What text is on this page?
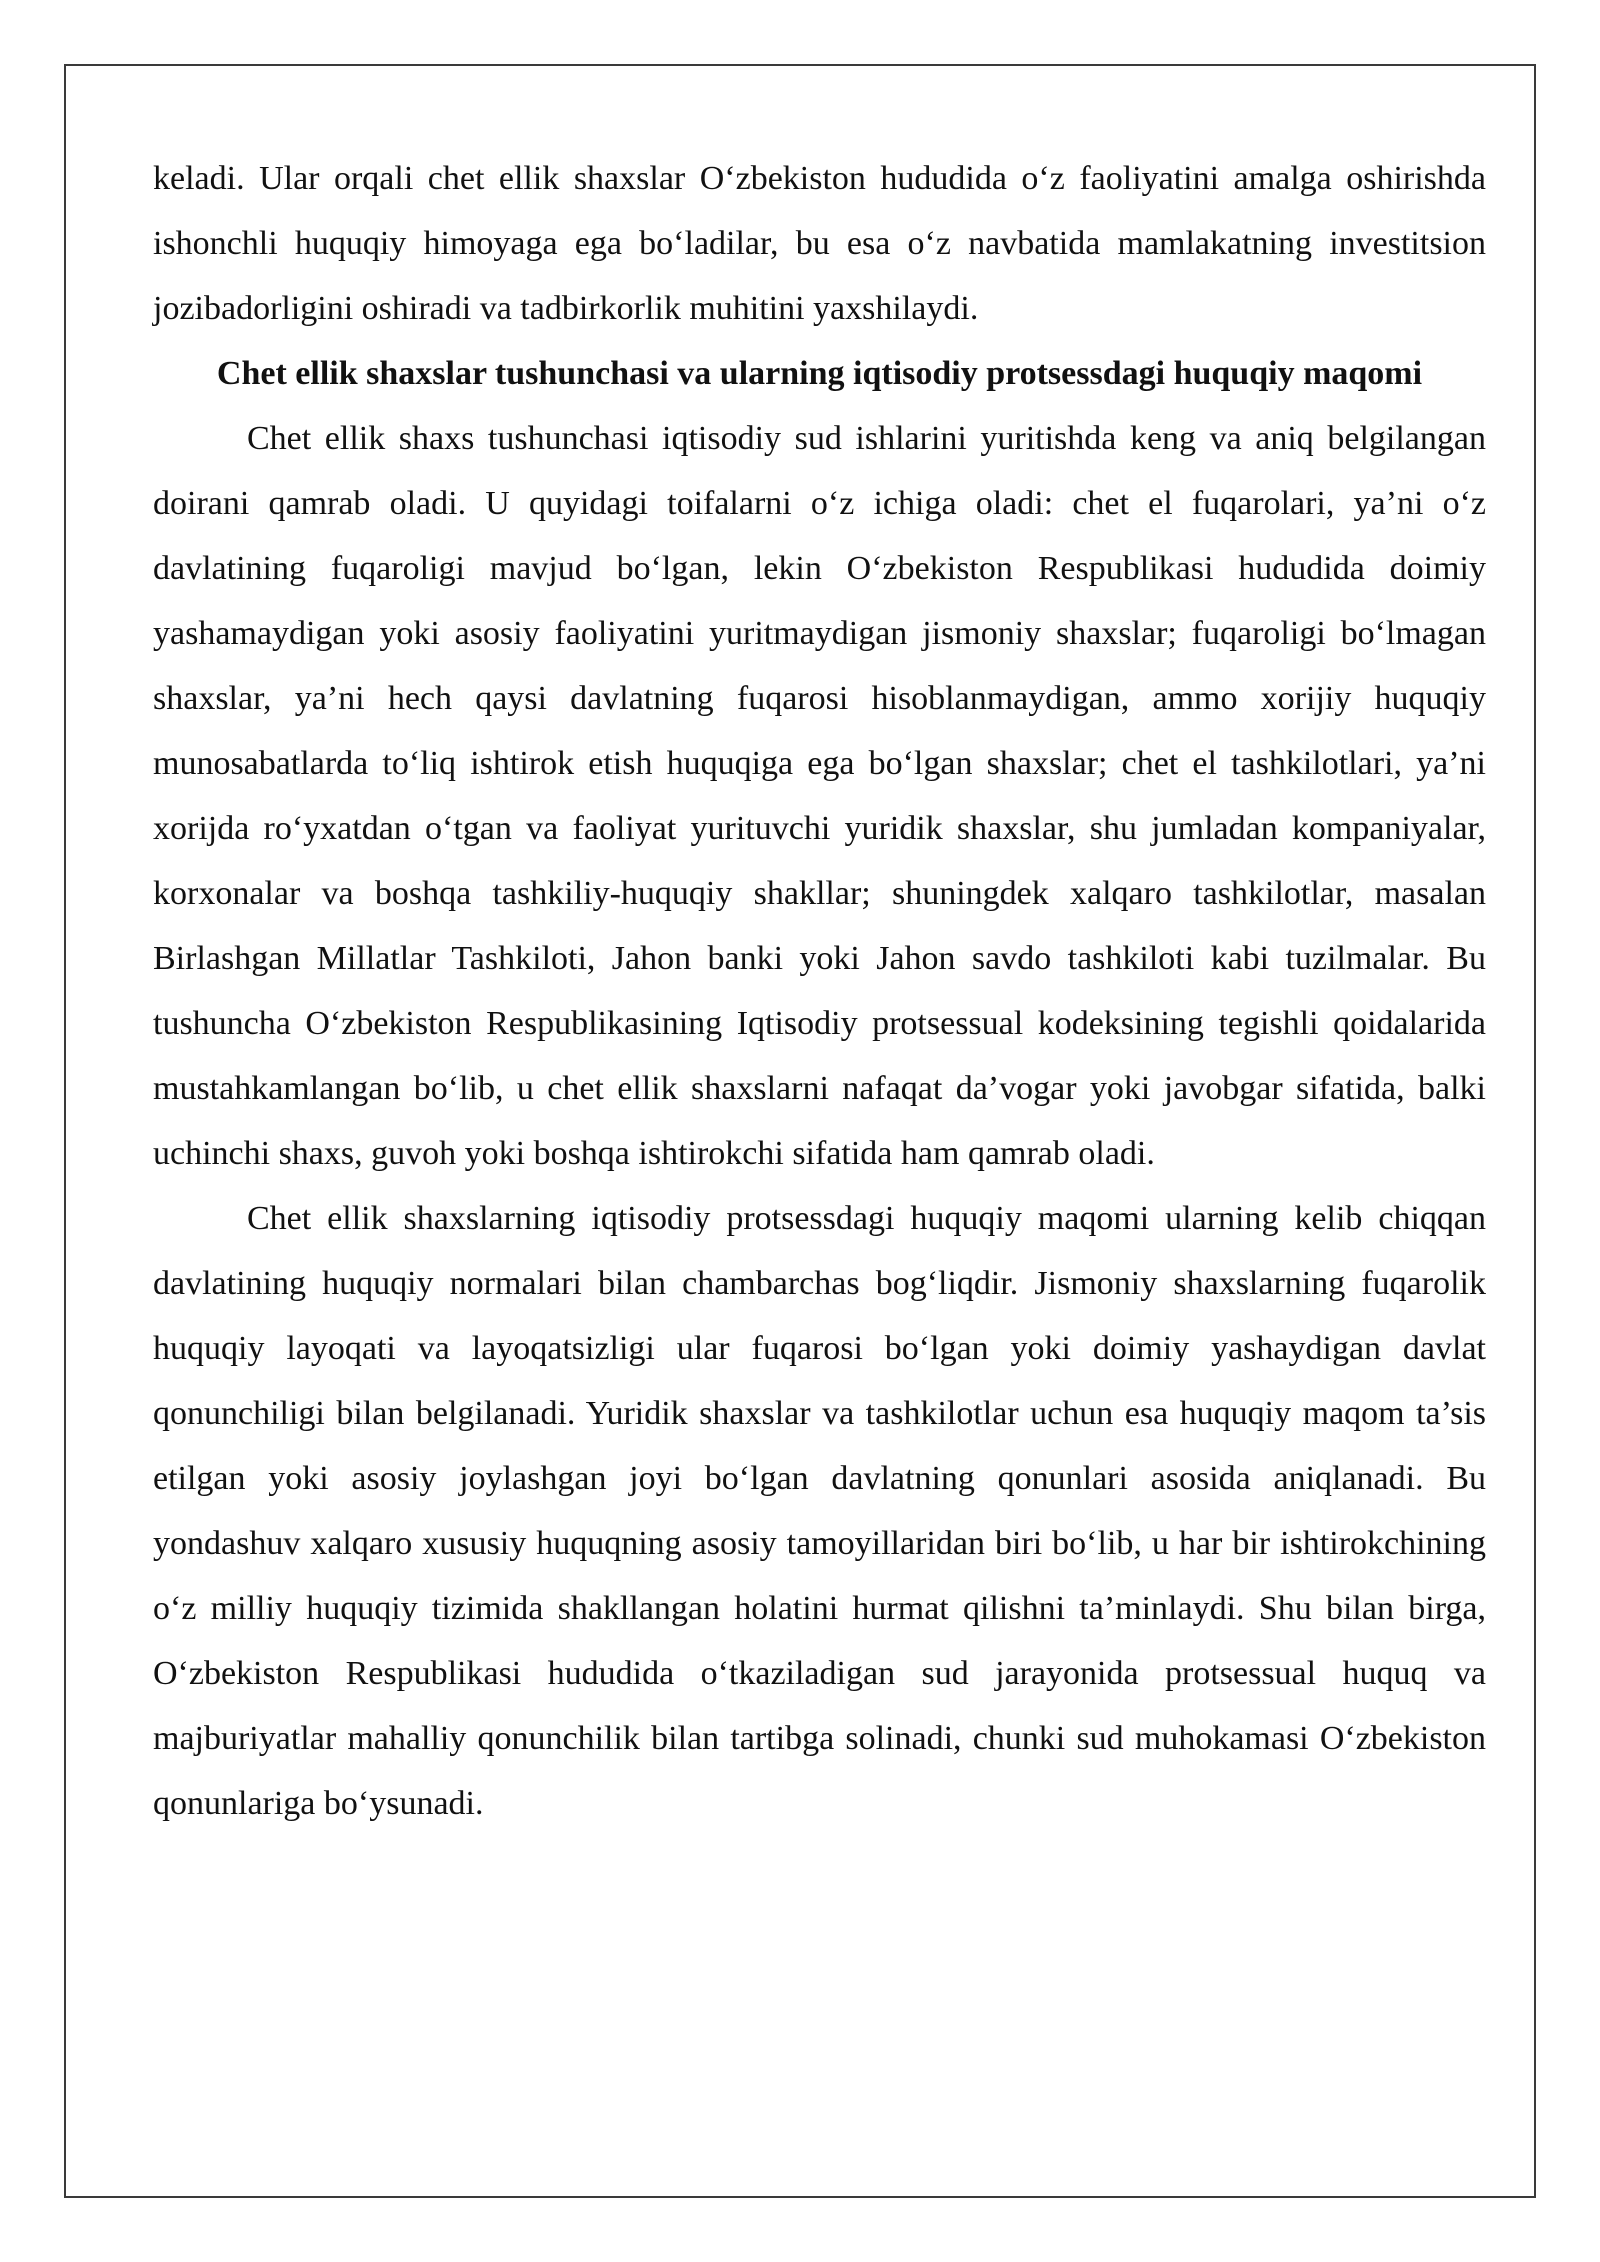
keladi. Ular orqali chet ellik shaxslar O‘zbekiston hududida o‘z faoliyatini amalga oshirishda ishonchli huquqiy himoyaga ega bo‘ladilar, bu esa o‘z navbatida mamlakatning investitsion jozibadorligini oshiradi va tadbirkorlik muhitini yaxshilaydi.

Chet ellik shaxslar tushunchasi va ularning iqtisodiy protsessdagi huquqiy maqomi

Chet ellik shaxs tushunchasi iqtisodiy sud ishlarini yuritishda keng va aniq belgilangan doirani qamrab oladi. U quyidagi toifalarni o‘z ichiga oladi: chet el fuqarolari, ya’ni o‘z davlatining fuqaroligi mavjud bo‘lgan, lekin O‘zbekiston Respublikasi hududida doimiy yashamaydigan yoki asosiy faoliyatini yuritmaydigan jismoniy shaxslar; fuqaroligi bo‘lmagan shaxslar, ya’ni hech qaysi davlatning fuqarosi hisoblanmaydigan, ammo xorijiy huquqiy munosabatlarda to‘liq ishtirok etish huquqiga ega bo‘lgan shaxslar; chet el tashkilotlari, ya’ni xorijda ro‘yxatdan o‘tgan va faoliyat yurituvchi yuridik shaxslar, shu jumladan kompaniyalar, korxonalar va boshqa tashkiliy-huquqiy shakllar; shuningdek xalqaro tashkilotlar, masalan Birlashgan Millatlar Tashkiloti, Jahon banki yoki Jahon savdo tashkiloti kabi tuzilmalar. Bu tushuncha O‘zbekiston Respublikasining Iqtisodiy protsessual kodeksining tegishli qoidalarida mustahkamlangan bo‘lib, u chet ellik shaxslarni nafaqat da’vogar yoki javobgar sifatida, balki uchinchi shaxs, guvoh yoki boshqa ishtirokchi sifatida ham qamrab oladi.

Chet ellik shaxslarning iqtisodiy protsessdagi huquqiy maqomi ularning kelib chiqqan davlatining huquqiy normalari bilan chambarchas bog‘liqdir. Jismoniy shaxslarning fuqarolik huquqiy layoqati va layoqatsizligi ular fuqarosi bo‘lgan yoki doimiy yashaydigan davlat qonunchiligi bilan belgilanadi. Yuridik shaxslar va tashkilotlar uchun esa huquqiy maqom ta’sis etilgan yoki asosiy joylashgan joyi bo‘lgan davlatning qonunlari asosida aniqlanadi. Bu yondashuv xalqaro xususiy huquqning asosiy tamoyillaridan biri bo‘lib, u har bir ishtirokchining o‘z milliy huquqiy tizimida shakllangan holatini hurmat qilishni ta’minlaydi. Shu bilan birga, O‘zbekiston Respublikasi hududida o‘tkaziladigan sud jarayonida protsessual huquq va majburiyatlar mahalliy qonunchilik bilan tartibga solinadi, chunki sud muhokamasi O‘zbekiston qonunlariga bo‘ysunadi.
